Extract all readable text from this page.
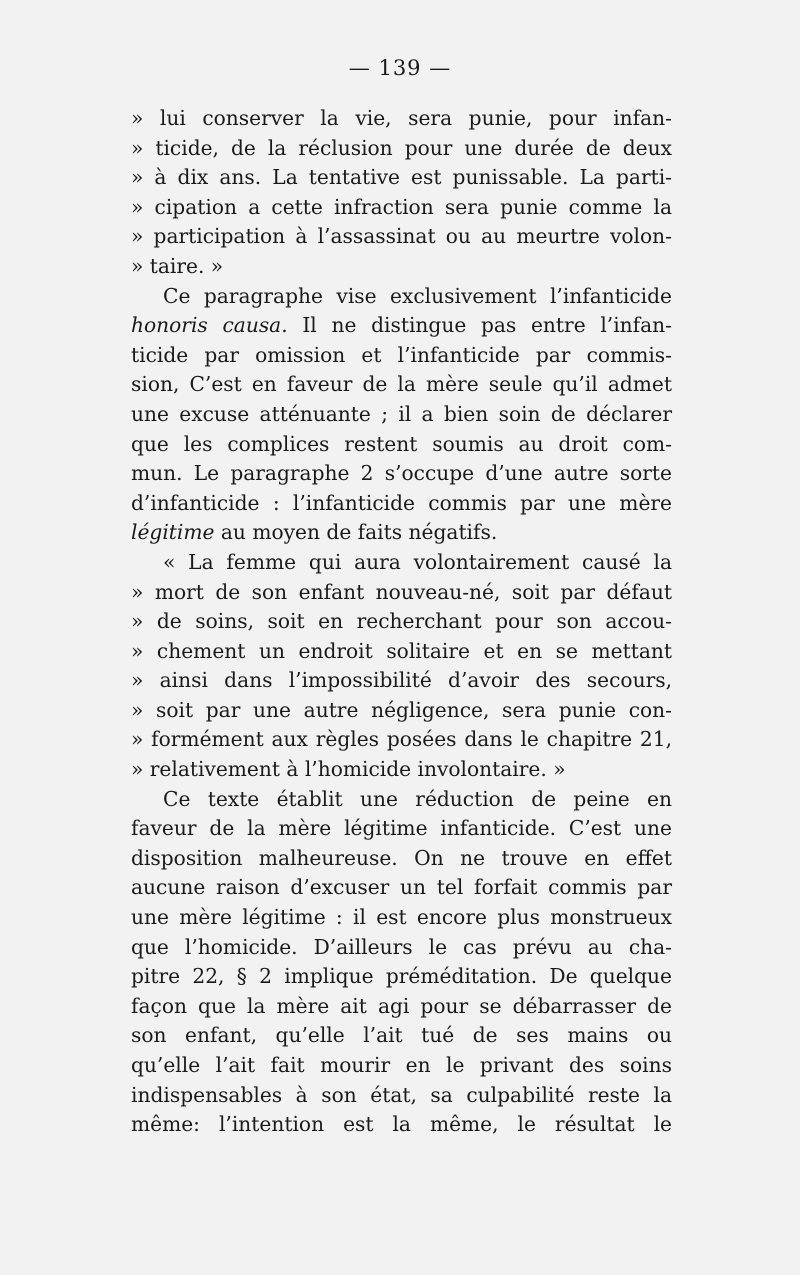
— 139 —
» lui conserver la vie, sera punie, pour infan-
» ticide, de la réclusion pour une durée de deux
» à dix ans. La tentative est punissable. La parti-
» cipation a cette infraction sera punie comme la
» participation à l’assassinat ou au meurtre volon-
» taire. »
Ce paragraphe vise exclusivement l’infanticide
honoris causa. Il ne distingue pas entre l’infan-
ticide par omission et l’infanticide par commis-
sion, C’est en faveur de la mère seule qu’il admet
une excuse atténuante ; il a bien soin de déclarer
que les complices restent soumis au droit com-
mun. Le paragraphe 2 s’occupe d’une autre sorte
d’infanticide : l’infanticide commis par une mère
légitime au moyen de faits négatifs.
« La femme qui aura volontairement causé la
» mort de son enfant nouveau-né, soit par défaut
» de soins, soit en recherchant pour son accou-
» chement un endroit solitaire et en se mettant
» ainsi dans l’impossibilité d’avoir des secours,
» soit par une autre négligence, sera punie con-
» formément aux règles posées dans le chapitre 21,
» relativement à l’homicide involontaire. »
Ce texte établit une réduction de peine en
faveur de la mère légitime infanticide. C’est une
disposition malheureuse. On ne trouve en effet
aucune raison d’excuser un tel forfait commis par
une mère légitime : il est encore plus monstrueux
que l’homicide. D’ailleurs le cas prévu au cha-
pitre 22, § 2 implique préméditation. De quelque
façon que la mère ait agi pour se débarrasser de
son enfant, qu’elle l’ait tué de ses mains ou
qu’elle l’ait fait mourir en le privant des soins
indispensables à son état, sa culpabilité reste la
même: l’intention est la même, le résultat le
